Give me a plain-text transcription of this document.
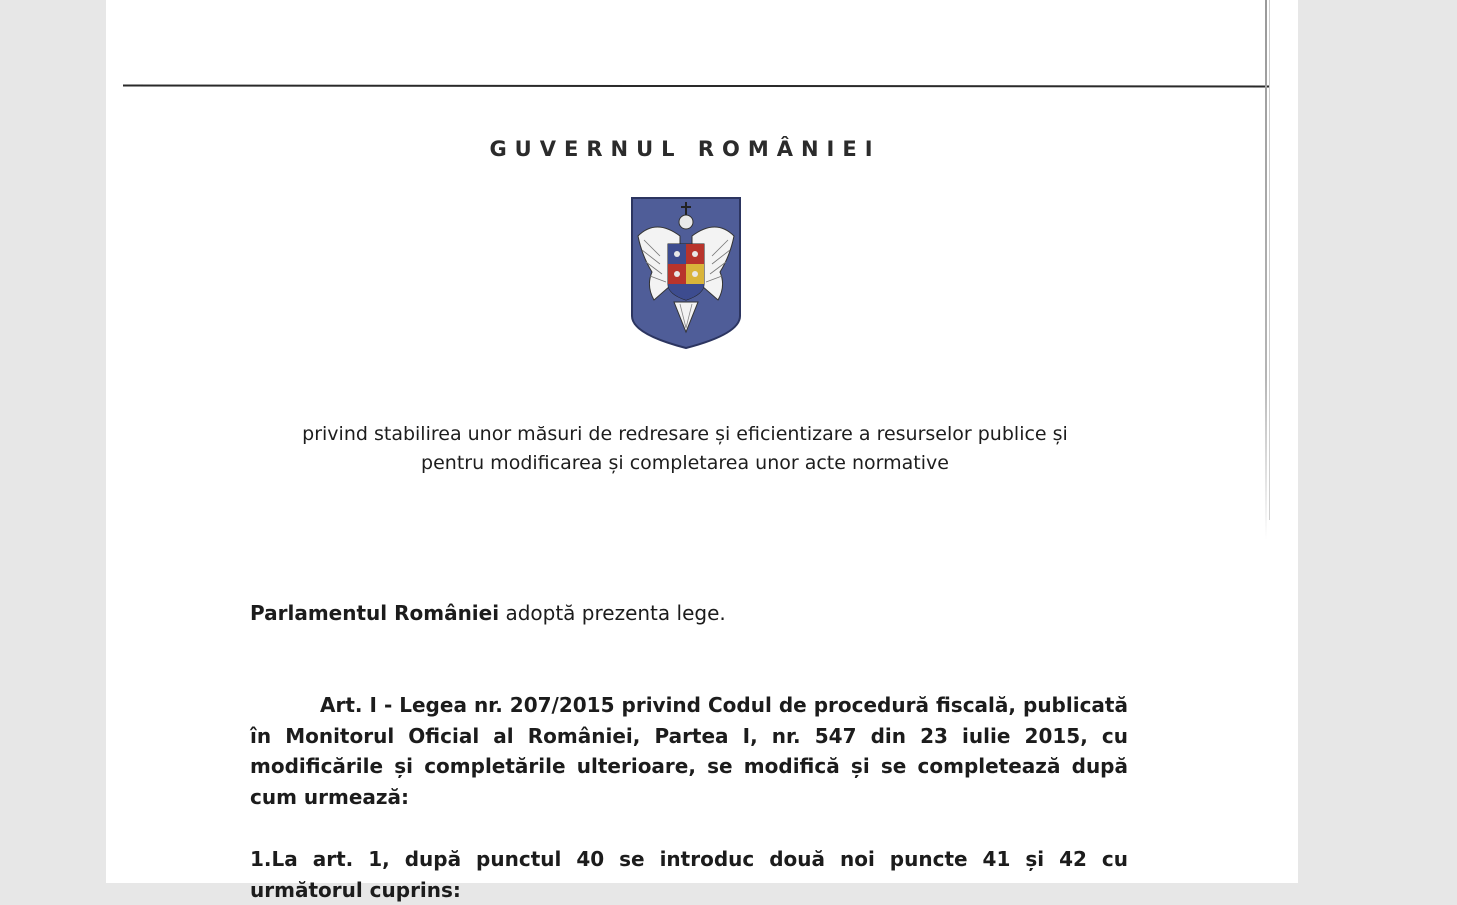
GUVERNUL ROMÂNIEI
privind stabilirea unor măsuri de redresare și eficientizare a resurselor publice și
pentru modificarea și completarea unor acte normative
Parlamentul României adoptă prezenta lege.
Art. I - Legea nr. 207/2015 privind Codul de procedură fiscală, publicată în Monitorul Oficial al României, Partea I, nr. 547 din 23 iulie 2015, cu modificările și completările ulterioare, se modifică și se completează după cum urmează:
1.La art. 1, după punctul 40 se introduc două noi puncte 41 și 42 cu următorul cuprins:
